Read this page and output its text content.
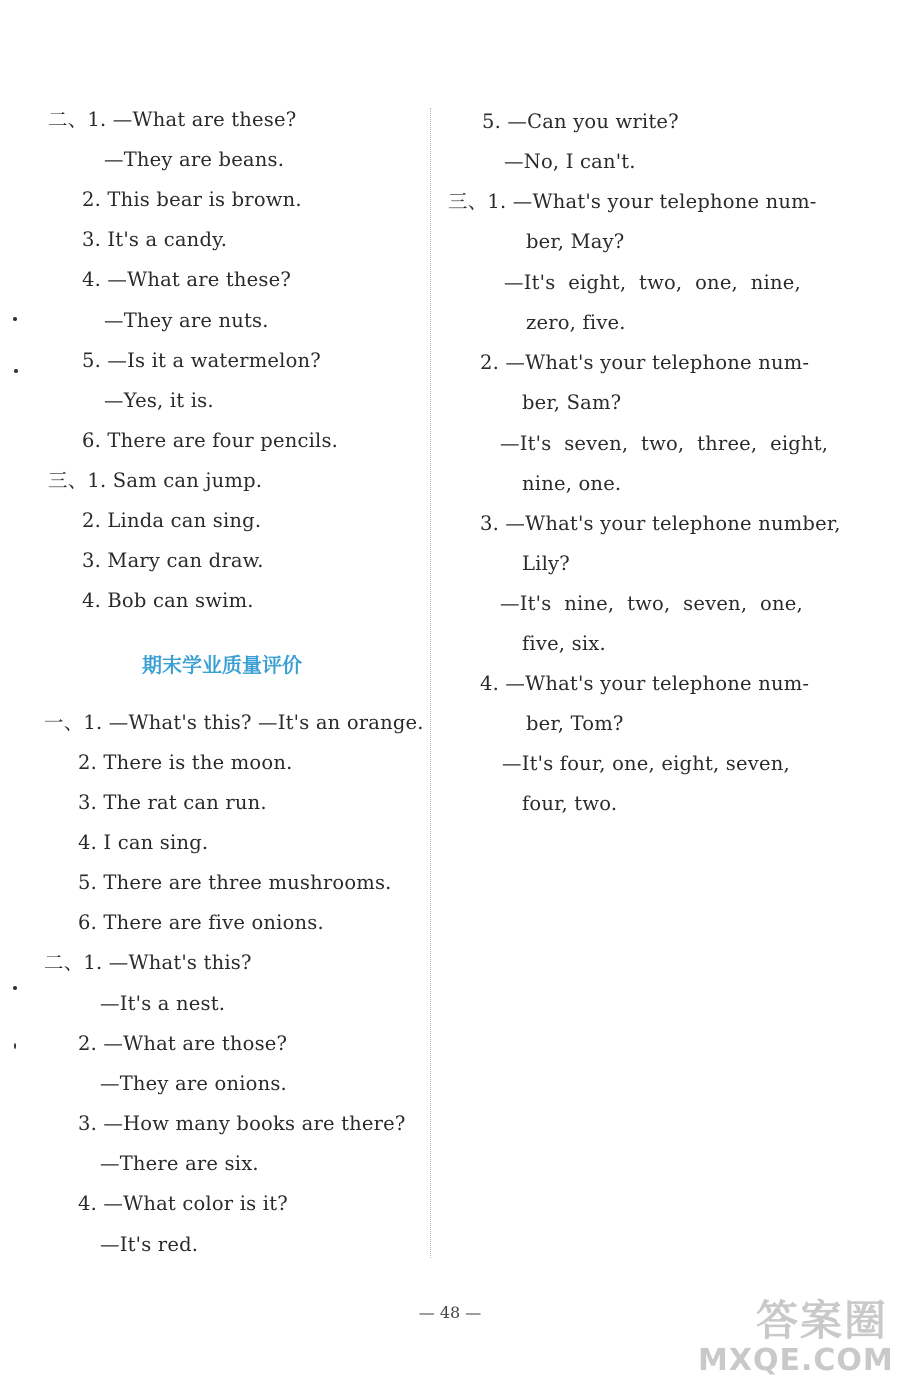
二、1. —What are these?
—They are beans.
2. This bear is brown.
3. It's a candy.
4. —What are these?
—They are nuts.
5. —Is it a watermelon?
—Yes, it is.
6. There are four pencils.
三、1. Sam can jump.
2. Linda can sing.
3. Mary can draw.
4. Bob can swim.
期末学业质量评价
一、1. —What's this? —It's an orange.
2. There is the moon.
3. The rat can run.
4. I can sing.
5. There are three mushrooms.
6. There are five onions.
二、1. —What's this?
—It's a nest.
2. —What are those?
—They are onions.
3. —How many books are there?
—There are six.
4. —What color is it?
—It's red.
5. —Can you write?
—No, I can't.
三、1. —What's your telephone num-
ber, May?
—It's  eight,  two,  one,  nine,
zero, five.
2. —What's your telephone num-
ber, Sam?
—It's  seven,  two,  three,  eight,
nine, one.
3. —What's your telephone number,
Lily?
—It's  nine,  two,  seven,  one,
five, six.
4. —What's your telephone num-
ber, Tom?
—It's four, one, eight, seven,
four, two.
— 48 —	答案圈
MXQE.COM
